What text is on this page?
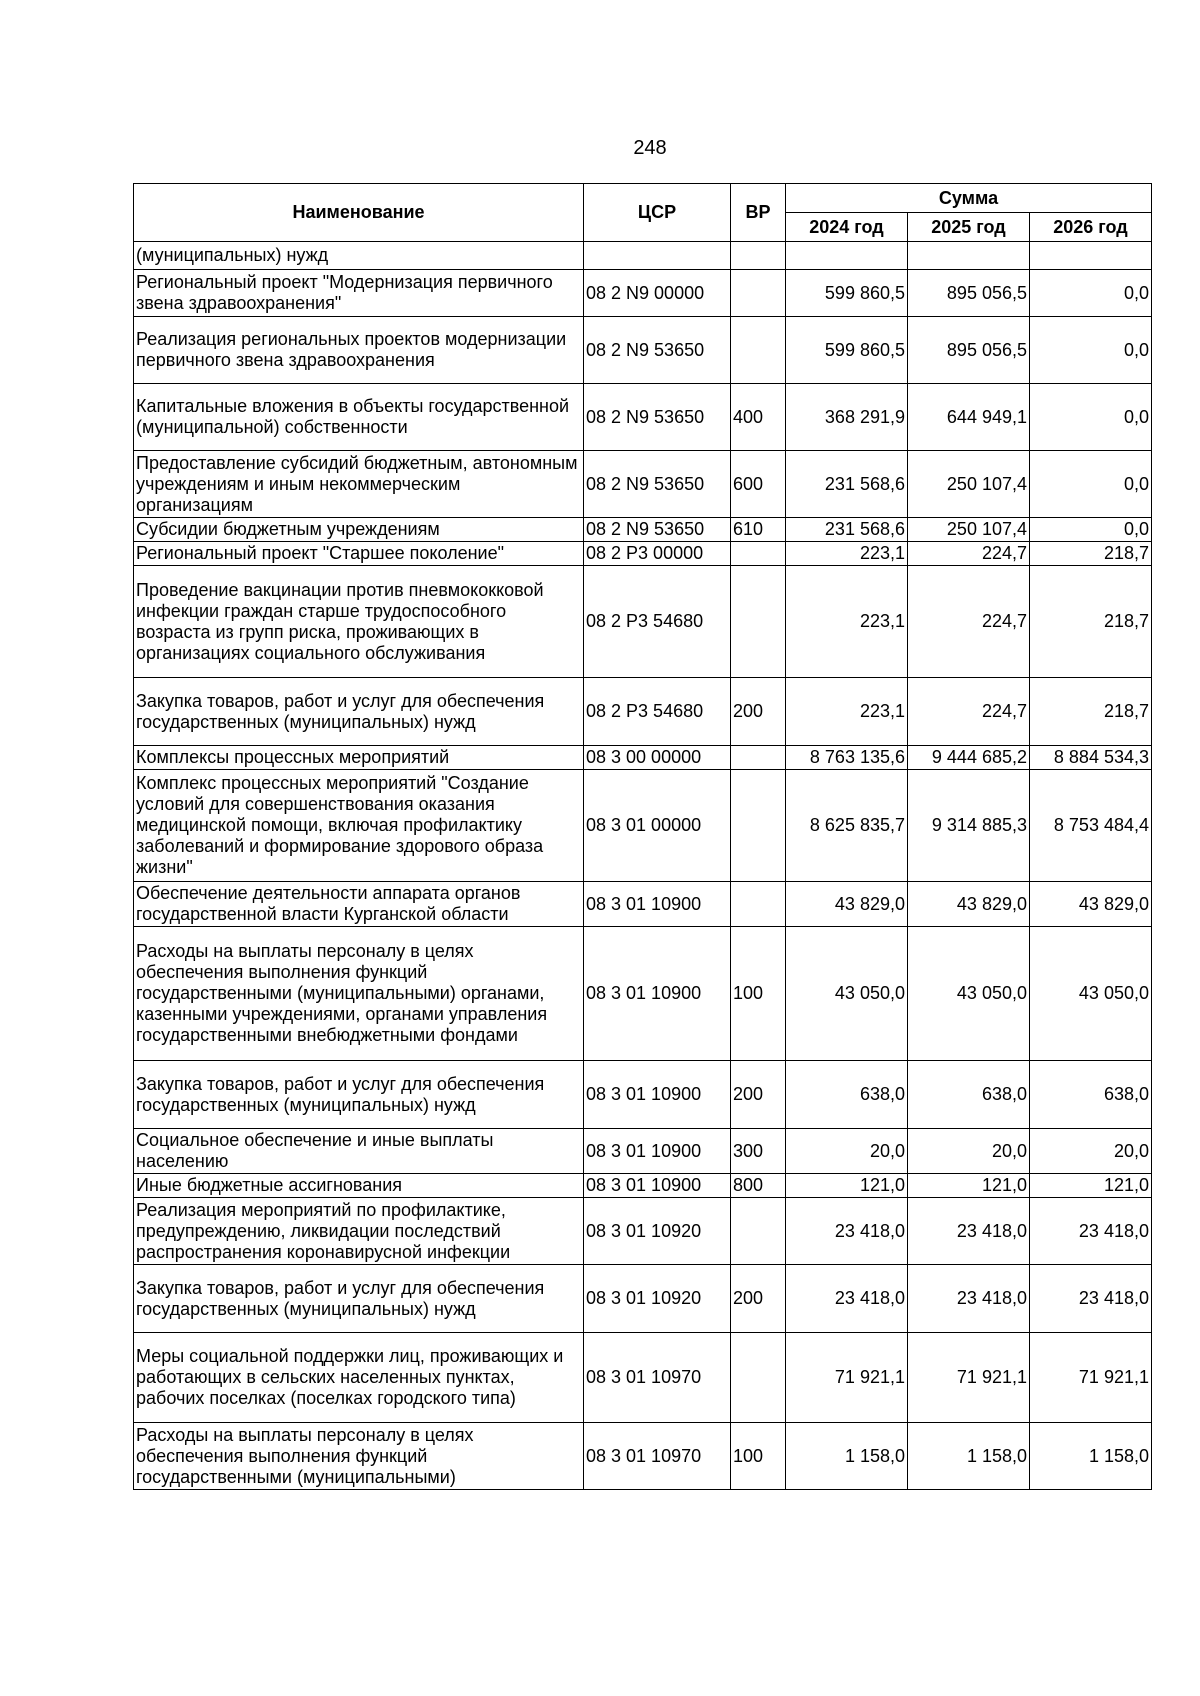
248
Наименование	ЦСР	ВР	Сумма		
			2024 год	2025 год	2026 год
(муниципальных) нужд					
Региональный проект "Модернизация первичного звена здравоохранения"	08 2 N9 00000		599 860,5	895 056,5	0,0
Реализация региональных проектов модернизации первичного звена здравоохранения	08 2 N9 53650		599 860,5	895 056,5	0,0
Капитальные вложения в объекты государственной (муниципальной) собственности	08 2 N9 53650	400	368 291,9	644 949,1	0,0
Предоставление субсидий бюджетным, автономным учреждениям и иным некоммерческим организациям	08 2 N9 53650	600	231 568,6	250 107,4	0,0
Субсидии бюджетным учреждениям	08 2 N9 53650	610	231 568,6	250 107,4	0,0
Региональный проект "Старшее поколение"	08 2 P3 00000		223,1	224,7	218,7
Проведение вакцинации против пневмококковой инфекции граждан старше трудоспособного возраста из групп риска, проживающих в организациях социального обслуживания	08 2 P3 54680		223,1	224,7	218,7
Закупка товаров, работ и услуг для обеспечения государственных (муниципальных) нужд	08 2 P3 54680	200	223,1	224,7	218,7
Комплексы процессных мероприятий	08 3 00 00000		8 763 135,6	9 444 685,2	8 884 534,3
Комплекс процессных мероприятий "Создание условий для совершенствования оказания медицинской помощи, включая профилактику заболеваний и формирование здорового образа жизни"	08 3 01 00000		8 625 835,7	9 314 885,3	8 753 484,4
Обеспечение деятельности аппарата органов государственной власти Курганской области	08 3 01 10900		43 829,0	43 829,0	43 829,0
Расходы на выплаты персоналу в целях обеспечения выполнения функций государственными (муниципальными) органами, казенными учреждениями, органами управления государственными внебюджетными фондами	08 3 01 10900	100	43 050,0	43 050,0	43 050,0
Закупка товаров, работ и услуг для обеспечения государственных (муниципальных) нужд	08 3 01 10900	200	638,0	638,0	638,0
Социальное обеспечение и иные выплаты населению	08 3 01 10900	300	20,0	20,0	20,0
Иные бюджетные ассигнования	08 3 01 10900	800	121,0	121,0	121,0
Реализация мероприятий по профилактике, предупреждению, ликвидации последствий распространения коронавирусной инфекции	08 3 01 10920		23 418,0	23 418,0	23 418,0
Закупка товаров, работ и услуг для обеспечения государственных (муниципальных) нужд	08 3 01 10920	200	23 418,0	23 418,0	23 418,0
Меры социальной поддержки лиц, проживающих и работающих в сельских населенных пунктах, рабочих поселках (поселках городского типа)	08 3 01 10970		71 921,1	71 921,1	71 921,1
Расходы на выплаты персоналу в целях обеспечения выполнения функций государственными (муниципальными)	08 3 01 10970	100	1 158,0	1 158,0	1 158,0
